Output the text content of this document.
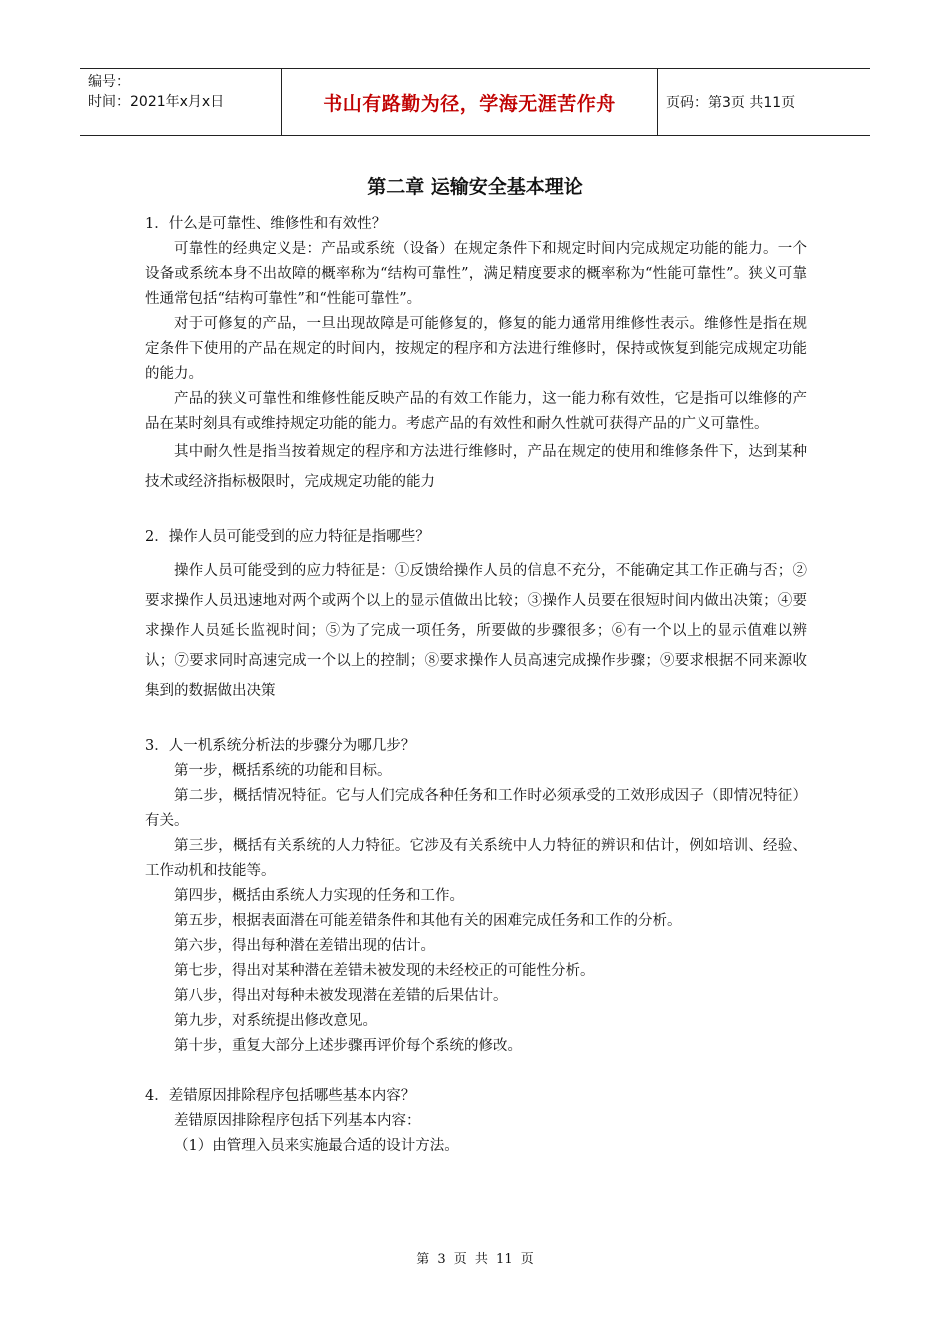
编号：
时间：2021年x月x日	书山有路勤为径，学海无涯苦作舟	页码：第3页 共11页
第二章 运输安全基本理论

1．什么是可靠性、维修性和有效性？

可靠性的经典定义是：产品或系统（设备）在规定条件下和规定时间内完成规定功能的能力。一个设备或系统本身不出故障的概率称为“结构可靠性”，满足精度要求的概率称为“性能可靠性”。狭义可靠性通常包括“结构可靠性”和“性能可靠性”。

对于可修复的产品，一旦出现故障是可能修复的，修复的能力通常用维修性表示。维修性是指在规定条件下使用的产品在规定的时间内，按规定的程序和方法进行维修时，保持或恢复到能完成规定功能的能力。

产品的狭义可靠性和维修性能反映产品的有效工作能力，这一能力称有效性，它是指可以维修的产品在某时刻具有或维持规定功能的能力。考虑产品的有效性和耐久性就可获得产品的广义可靠性。

其中耐久性是指当按着规定的程序和方法进行维修时，产品在规定的使用和维修条件下，达到某种技术或经济指标极限时，完成规定功能的能力

2．操作人员可能受到的应力特征是指哪些？

操作人员可能受到的应力特征是：①反馈给操作人员的信息不充分，不能确定其工作正确与否；②要求操作人员迅速地对两个或两个以上的显示值做出比较；③操作人员要在很短时间内做出决策；④要求操作人员延长监视时间；⑤为了完成一项任务，所要做的步骤很多；⑥有一个以上的显示值难以辨认；⑦要求同时高速完成一个以上的控制；⑧要求操作人员高速完成操作步骤；⑨要求根据不同来源收集到的数据做出决策

3．人一机系统分析法的步骤分为哪几步？

第一步，概括系统的功能和目标。

第二步，概括情况特征。它与人们完成各种任务和工作时必须承受的工效形成因子（即情况特征）有关。

第三步，概括有关系统的人力特征。它涉及有关系统中人力特征的辨识和估计，例如培训、经验、工作动机和技能等。

第四步，概括由系统人力实现的任务和工作。

第五步，根据表面潜在可能差错条件和其他有关的困难完成任务和工作的分析。

第六步，得出每种潜在差错出现的估计。

第七步，得出对某种潜在差错未被发现的未经校正的可能性分析。

第八步，得出对每种未被发现潜在差错的后果估计。

第九步，对系统提出修改意见。

第十步，重复大部分上述步骤再评价每个系统的修改。

4．差错原因排除程序包括哪些基本内容？

差错原因排除程序包括下列基本内容：

（1）由管理入员来实施最合适的设计方法。

第 3 页 共 11 页
